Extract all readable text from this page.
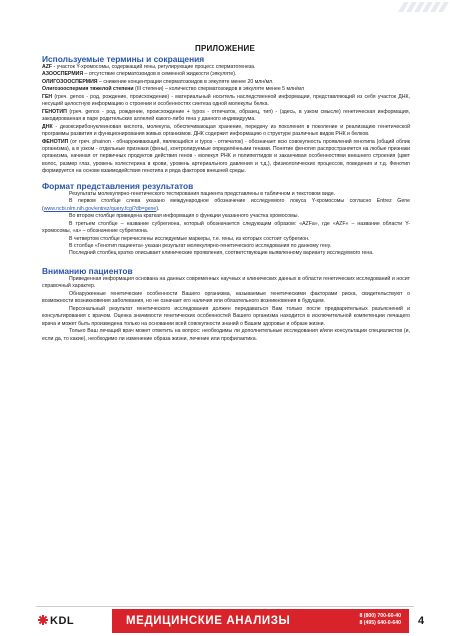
ПРИЛОЖЕНИЕ
Используемые термины и сокращения

AZF - участок Y-хромосомы, содержащий гены, регулирующие процесс сперматогенеза.

АЗООСПЕРМИЯ – отсутствие сперматозоидов в семенной жидкости (эякуляте).

ОЛИГОЗООСПЕРМИЯ – снижение концентрации сперматозоидов в эякуляте менее 20 млн/мл.

Олигозооспермия тяжелой степени (III степени) – количество сперматозоидов в эякуляте менее 5 млн/мл

ГЕН (греч. genos - род, рождение, происхождение) - материальный носитель наследственной информации, представляющий из себя участок ДНК, несущий целостную информацию о строении и особенностях синтеза одной молекулы белка.

ГЕНОТИП (греч. genos - род, рождение, происхождение + typos - отпечаток, образец, тип) - (здесь, в узком смысле) генетическая информация, закодированная в паре родительских аллелей какого-либо гена у данного индивидуума.

ДНК - дезоксирибонуклеиновая кислота, молекула, обеспечивающая хранение, передачу из поколения в поколение и реализацию генетической программы развития и функционирования живых организмов. ДНК содержит информацию о структуре различных видов РНК и белков.

ФЕНОТИП (от греч. phainon - обнаруживающий, являющийся и typos - отпечаток) - обозначает всю совокупность проявлений генотипа (общий облик организма), а в узком - отдельные признаки (фены), контролируемые определёнными генами. Понятие фенотип распространяется на любые признаки организма, начиная от первичных продуктов действия генов - молекул РНК и полипептидов и заканчивая особенностями внешнего строения (цвет волос, размер глаз, уровень холестерина в крови, уровень артериального давления и т.д.), физиологических процессов, поведения и т.д. Фенотип формируется на основе взаимодействия генотипа и ряда факторов внешней среды.

Формат представления результатов

Результаты молекулярно-генетического тестирования пациента представлены в табличном и текстовом виде.

В первом столбце слева указано международное обозначение исследуемого локуса Y-хромосомы согласно Entrez Gene (www.ncbi.nlm.nih.gov/entrez/query.fcgi?db=gene).

Во втором столбце приведена краткая информация о функции указанного участка хромосомы.

В третьем столбце – название субрегиона, который обозначается следующим образом: «AZFa», где «AZF» – название области Y-хромосомы, «a» – обозначение субрегиона.

В четвертом столбце перечислены исследуемые маркеры, т.е. гены, из которых состоит субрегион.

В столбце «Генотип пациента» указан результат молекулярно-генетического исследования по данному гену.

Последний столбец кратко описывает клинические проявления, соответствующие выявленному варианту исследуемого гена.

Вниманию пациентов

Приведенная информация основана на данных современных научных и клинических данных в области генетических исследований и носит справочный характер.

Обнаруженные генетические особенности Вашего организма, называемые генетическими факторами риска, свидетельствуют о возможности возникновения заболевания, но не означает его наличия или обязательного возникновения в будущем.

Персональный результат генетического исследования должен передаваться Вам только после предварительных разъяснений и консультирования с врачом. Оценка значимости генетических особенностей Вашего организма находится в исключительной компетенции лечащего врача и может быть произведена только на основании всей совокупности знаний о Вашем здоровье и образе жизни.

Только Ваш лечащий врач может ответить на вопрос: необходимы ли дополнительные исследования и/или консультации специалистов (и, если да, то какие), необходимо ли изменение образа жизни, лечение или профилактика.

KDL	МЕДИЦИНСКИЕ АНАЛИЗЫ	8 (800) 700-60-40
8 (495) 640-0-640 4
